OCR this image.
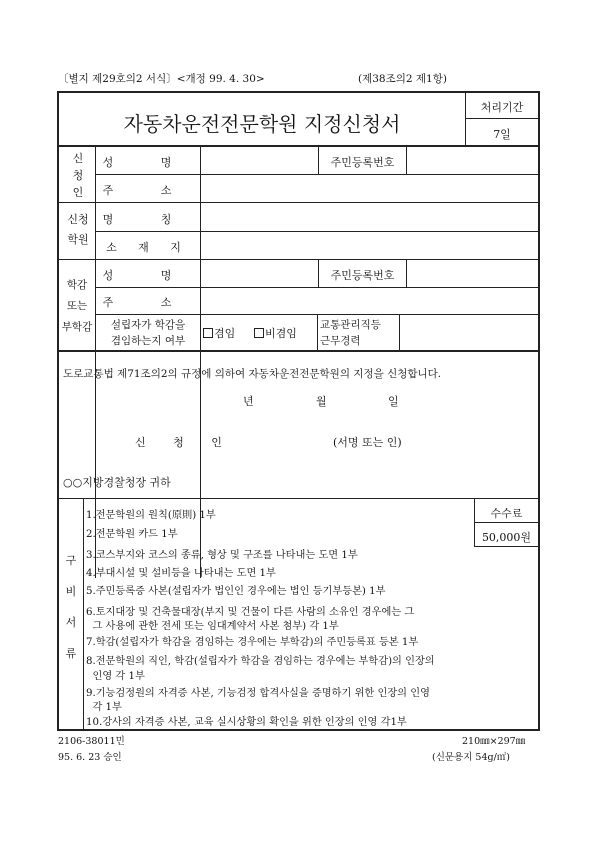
〔별지 제29호의2 서식〕<개정 99. 4. 30>	(제38조의2 제1항)
자동차운전전문학원 지정신청서
처리기간
7일
신
청
인
성 명	주민등록번호
주 소
신청
학원
명 칭
소 재 지
학감
또는
부학감
성 명	주민등록번호
주 소
설립자가 학감을
겸임하는지 여부
겸임	비겸임
교통관리직등
근무경력
도로교통법 제71조의2의 규정에 의하여 자동차운전전문학원의 지정을 신청합니다.
년	월	일
신 청 인	(서명 또는 인)
○○지방경찰청장 귀하
구
비
서
류
수수료
50,000원
1.전문학원의 원칙(原則) 1부
2.전문학원 카드 1부
3.코스부지와 코스의 종류, 형상 및 구조를 나타내는 도면 1부
4.부대시설 및 설비등을 나타내는 도면 1부
5.주민등록증 사본(설립자가 법인인 경우에는 법인 등기부등본) 1부
6.토지대장 및 건축물대장(부지 및 건물이 다른 사람의 소유인 경우에는 그
그 사용에 관한 전세 또는 임대계약서 사본 첨부) 각 1부
7.학감(설립자가 학감을 겸임하는 경우에는 부학감)의 주민등록표 등본 1부
8.전문학원의 직인, 학감(설립자가 학감을 겸임하는 경우에는 부학감)의 인장의
인영 각 1부
9.기능검정원의 자격증 사본, 기능검정 합격사실을 증명하기 위한 인장의 인영
각 1부
10.강사의 자격증 사본, 교육 실시상황의 확인을 위한 인장의 인영 각1부
2106-38011민
95. 6. 23 승인
210㎜×297㎜
(신문용지 54g/㎡)
